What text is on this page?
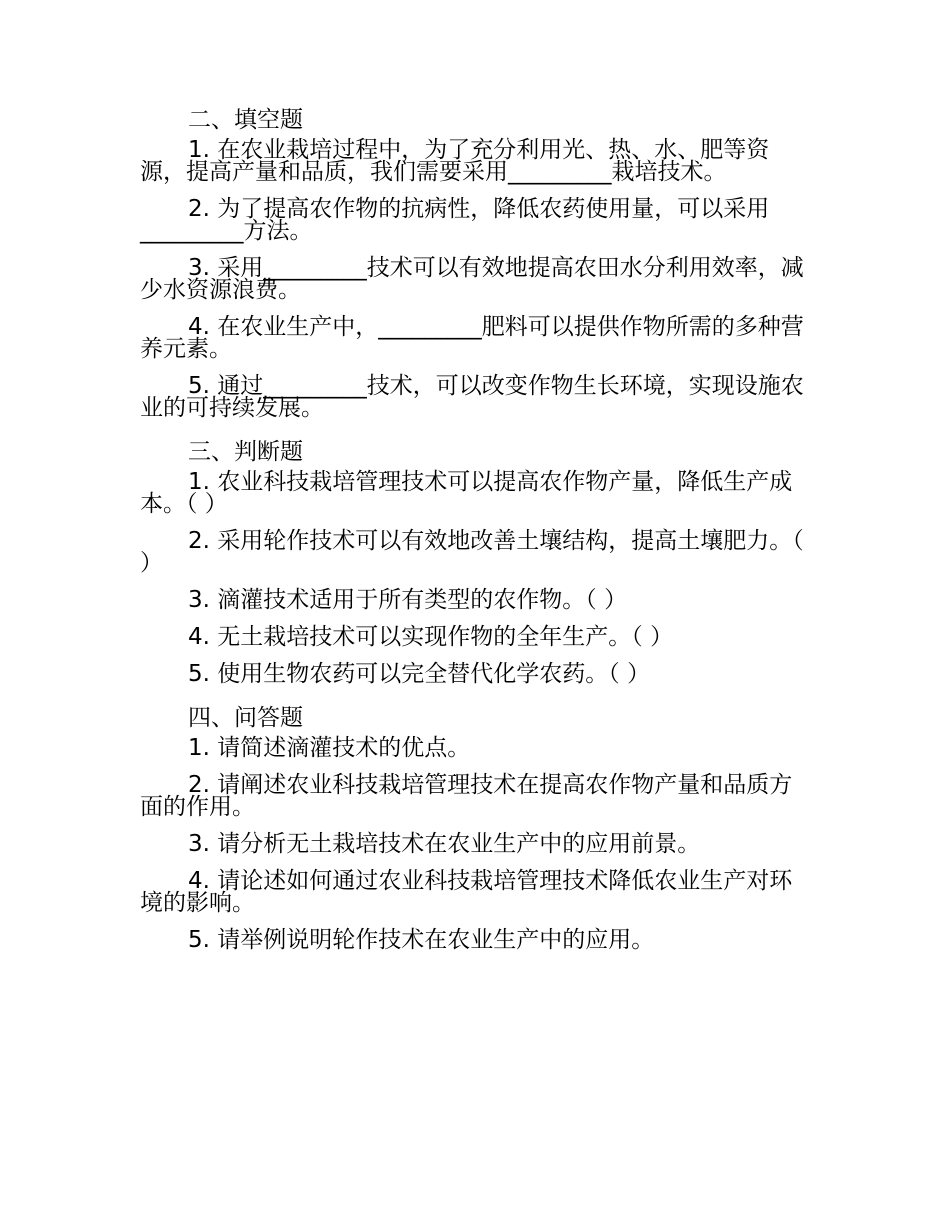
二、填空题

1. 在农业栽培过程中，为了充分利用光、热、水、肥等资源，提高产量和品质，我们需要采用_________栽培技术。

2. 为了提高农作物的抗病性，降低农药使用量，可以采用_________方法。

3. 采用_________技术可以有效地提高农田水分利用效率，减少水资源浪费。

4. 在农业生产中，_________肥料可以提供作物所需的多种营养元素。

5. 通过_________技术，可以改变作物生长环境，实现设施农业的可持续发展。

三、判断题

1. 农业科技栽培管理技术可以提高农作物产量，降低生产成本。（ ）

2. 采用轮作技术可以有效地改善土壤结构，提高土壤肥力。（ ）

3. 滴灌技术适用于所有类型的农作物。（ ）

4. 无土栽培技术可以实现作物的全年生产。（ ）

5. 使用生物农药可以完全替代化学农药。（ ）

四、问答题

1. 请简述滴灌技术的优点。

2. 请阐述农业科技栽培管理技术在提高农作物产量和品质方面的作用。

3. 请分析无土栽培技术在农业生产中的应用前景。

4. 请论述如何通过农业科技栽培管理技术降低农业生产对环境的影响。

5. 请举例说明轮作技术在农业生产中的应用。
